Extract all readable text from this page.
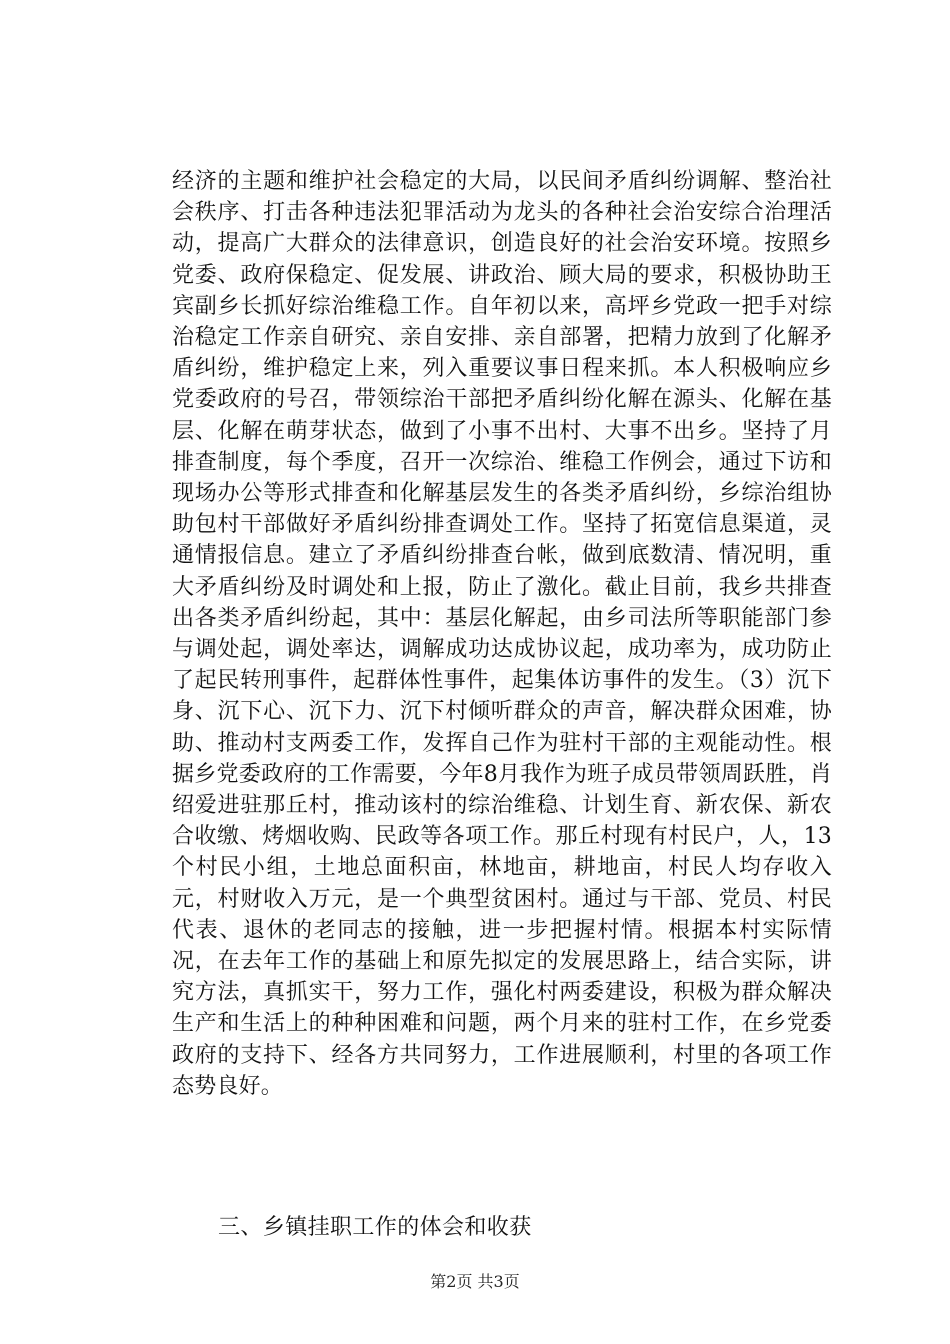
经济的主题和维护社会稳定的大局，以民间矛盾纠纷调解、整治社会秩序、打击各种违法犯罪活动为龙头的各种社会治安综合治理活动，提高广大群众的法律意识，创造良好的社会治安环境。按照乡党委、政府保稳定、促发展、讲政治、顾大局的要求，积极协助王宾副乡长抓好综治维稳工作。自年初以来，高坪乡党政一把手对综治稳定工作亲自研究、亲自安排、亲自部署，把精力放到了化解矛盾纠纷，维护稳定上来，列入重要议事日程来抓。本人积极响应乡党委政府的号召，带领综治干部把矛盾纠纷化解在源头、化解在基层、化解在萌芽状态，做到了小事不出村、大事不出乡。坚持了月排查制度，每个季度，召开一次综治、维稳工作例会，通过下访和现场办公等形式排查和化解基层发生的各类矛盾纠纷，乡综治组协助包村干部做好矛盾纠纷排查调处工作。坚持了拓宽信息渠道，灵通情报信息。建立了矛盾纠纷排查台帐，做到底数清、情况明，重大矛盾纠纷及时调处和上报，防止了激化。截止目前，我乡共排查出各类矛盾纠纷起，其中：基层化解起，由乡司法所等职能部门参与调处起，调处率达，调解成功达成协议起，成功率为，成功防止了起民转刑事件，起群体性事件，起集体访事件的发生。（3）沉下身、沉下心、沉下力、沉下村倾听群众的声音，解决群众困难，协助、推动村支两委工作，发挥自己作为驻村干部的主观能动性。根据乡党委政府的工作需要，今年8月我作为班子成员带领周跃胜，肖绍爱进驻那丘村，推动该村的综治维稳、计划生育、新农保、新农合收缴、烤烟收购、民政等各项工作。那丘村现有村民户，人，13个村民小组，土地总面积亩，林地亩，耕地亩，村民人均存收入元，村财收入万元，是一个典型贫困村。通过与干部、党员、村民代表、退休的老同志的接触，进一步把握村情。根据本村实际情况，在去年工作的基础上和原先拟定的发展思路上，结合实际，讲究方法，真抓实干，努力工作，强化村两委建设，积极为群众解决生产和生活上的种种困难和问题，两个月来的驻村工作，在乡党委政府的支持下、经各方共同努力，工作进展顺利，村里的各项工作态势良好。

三、乡镇挂职工作的体会和收获

第2页 共3页
